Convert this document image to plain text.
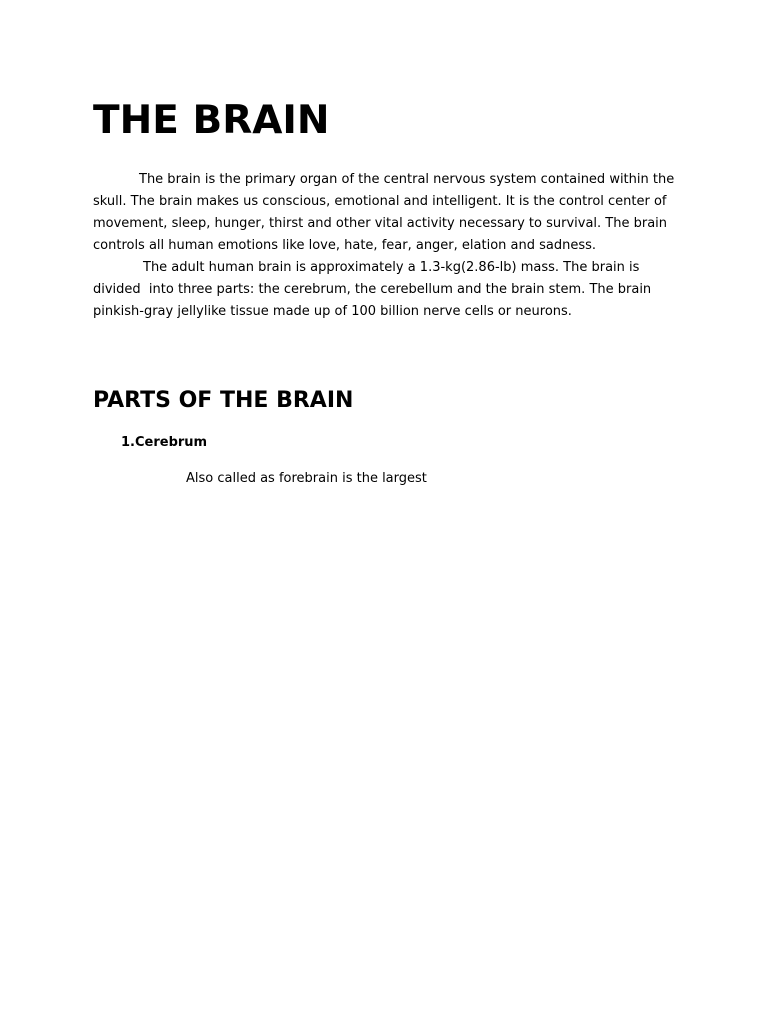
THE BRAIN

The brain is the primary organ of the central nervous system contained within the
skull. The brain makes us conscious, emotional and intelligent. It is the control center of
movement, sleep, hunger, thirst and other vital activity necessary to survival. The brain
controls all human emotions like love, hate, fear, anger, elation and sadness.

The adult human brain is approximately a 1.3-kg(2.86-lb) mass. The brain is
divided  into three parts: the cerebrum, the cerebellum and the brain stem. The brain
pinkish-gray jellylike tissue made up of 100 billion nerve cells or neurons.

PARTS OF THE BRAIN
1.Cerebrum

Also called as forebrain is the largest
